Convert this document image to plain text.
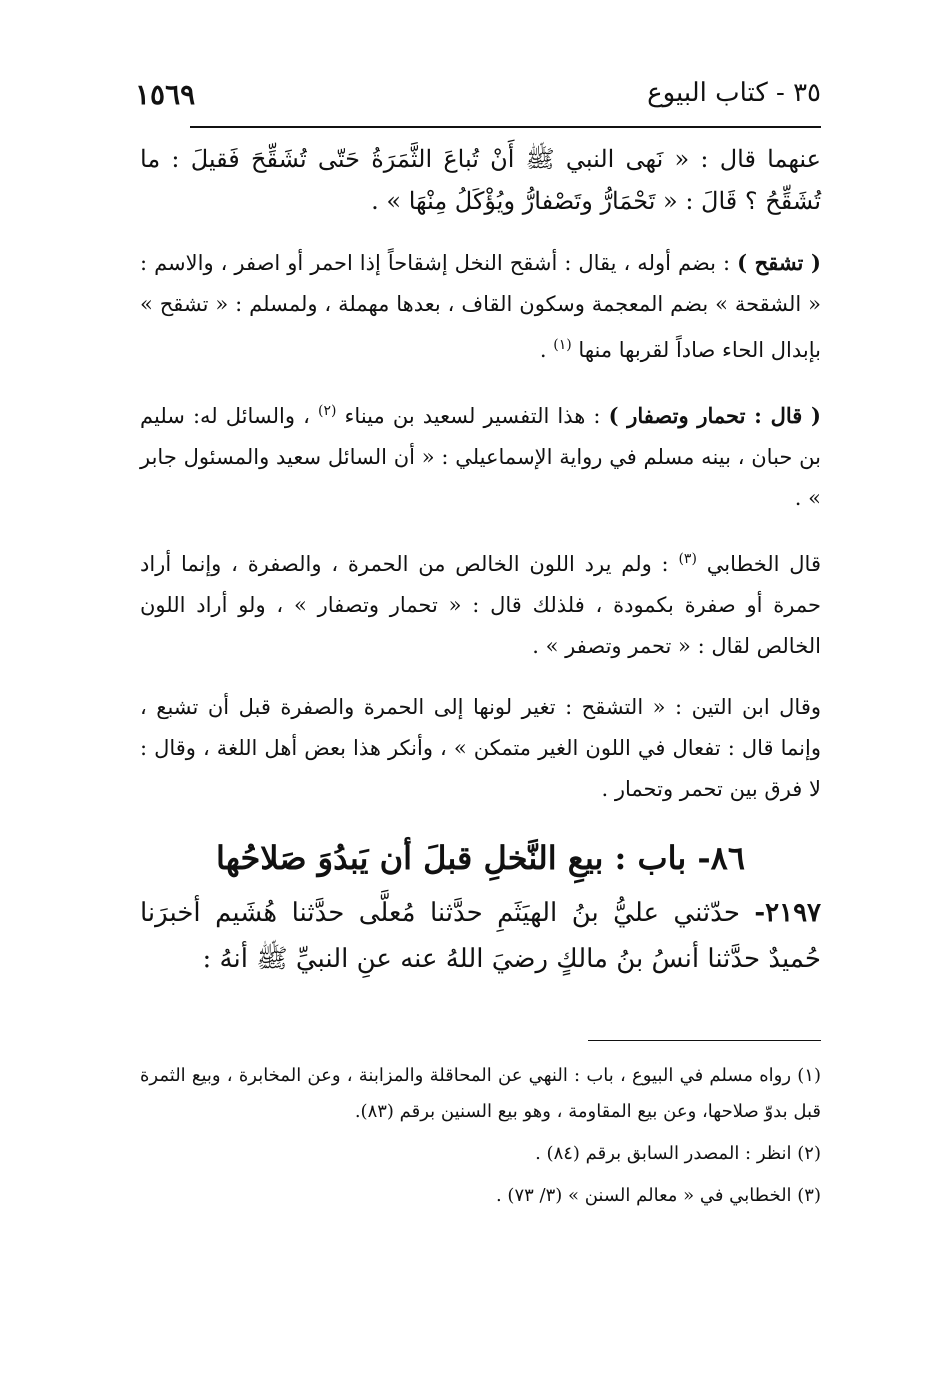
٣٥ - كتاب البيوع
١٥٦٩

عنهما قال : « نَهى النبي ﷺ أَنْ تُباعَ الثَّمَرَةُ حَتّى تُشَقِّحَ فَقيلَ : ما تُشَقِّحُ ؟ قَالَ : « تَحْمَارُّ وتَصْفارُّ ويُؤْكَلُ مِنْهَا » .

( تشقح ) : بضم أوله ، يقال : أشقح النخل إشقاحاً إذا احمر أو اصفر ، والاسم : « الشقحة » بضم المعجمة وسكون القاف ، بعدها مهملة ، ولمسلم : « تشقح » بإبدال الحاء صاداً لقربها منها $^{(١)}$ .

( قال : تحمار وتصفار ) : هذا التفسير لسعيد بن ميناء $^{(٢)}$ ، والسائل له: سليم بن حبان ، بينه مسلم في رواية الإسماعيلي : « أن السائل سعيد والمسئول جابر » .

قال الخطابي $^{(٣)}$ : ولم يرد اللون الخالص من الحمرة ، والصفرة ، وإنما أراد حمرة أو صفرة بكمودة ، فلذلك قال : « تحمار وتصفار » ، ولو أراد اللون الخالص لقال : « تحمر وتصفر » .

وقال ابن التين : « التشقح : تغير لونها إلى الحمرة والصفرة قبل أن تشبع ، وإنما قال : تفعال في اللون الغير متمكن » ، وأنكر هذا بعض أهل اللغة ، وقال : لا فرق بين تحمر وتحمار .

٨٦- باب : بيعِ النَّخلِ قبلَ أن يَبدُوَ صَلاحُها

٢١٩٧- حدّثني عليُّ بنُ الهيَثَمِ حدَّثنا مُعلَّى حدَّثنا هُشَيم أخبرَنا حُميدٌ حدَّثنا أنسُ بنُ مالكٍ رضيَ اللهُ عنه عنِ النبيِّ ﷺ أنهُ :

(١) رواه مسلم في البيوع ، باب : النهي عن المحاقلة والمزابنة ، وعن المخابرة ، وبيع الثمرة قبل بدوّ صلاحها، وعن بيع المقاومة ، وهو بيع السنين برقم (٨٣).

(٢) انظر : المصدر السابق برقم (٨٤) .

(٣) الخطابي في « معالم السنن » (٣/ ٧٣) .
